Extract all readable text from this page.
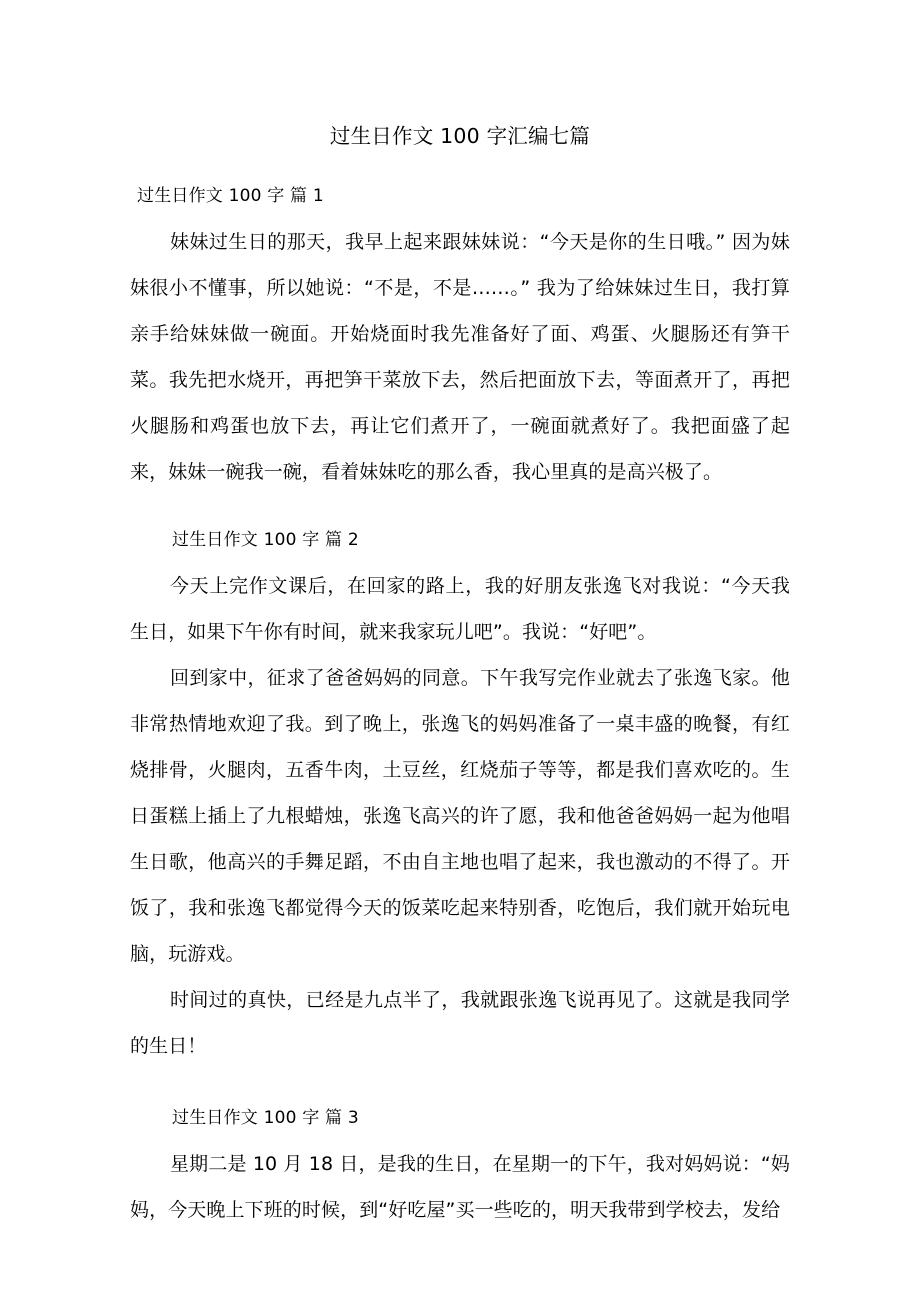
过生日作文 100 字汇编七篇
过生日作文 100 字 篇 1

妹妹过生日的那天，我早上起来跟妹妹说：“今天是你的生日哦。” 因为妹妹很小不懂事，所以她说：“不是，不是……。” 我为了给妹妹过生日，我打算亲手给妹妹做一碗面。开始烧面时我先准备好了面、鸡蛋、火腿肠还有笋干菜。我先把水烧开，再把笋干菜放下去，然后把面放下去，等面煮开了，再把火腿肠和鸡蛋也放下去，再让它们煮开了，一碗面就煮好了。我把面盛了起来，妹妹一碗我一碗，看着妹妹吃的那么香，我心里真的是高兴极了。

过生日作文 100 字 篇 2

今天上完作文课后，在回家的路上，我的好朋友张逸飞对我说：“今天我生日，如果下午你有时间，就来我家玩儿吧”。我说：“好吧”。

回到家中，征求了爸爸妈妈的同意。下午我写完作业就去了张逸飞家。他非常热情地欢迎了我。到了晚上，张逸飞的妈妈准备了一桌丰盛的晚餐，有红烧排骨，火腿肉，五香牛肉，土豆丝，红烧茄子等等，都是我们喜欢吃的。生日蛋糕上插上了九根蜡烛，张逸飞高兴的许了愿，我和他爸爸妈妈一起为他唱生日歌，他高兴的手舞足蹈，不由自主地也唱了起来，我也激动的不得了。开饭了，我和张逸飞都觉得今天的饭菜吃起来特别香，吃饱后，我们就开始玩电脑，玩游戏。

时间过的真快，已经是九点半了，我就跟张逸飞说再见了。这就是我同学的生日！

过生日作文 100 字 篇 3

星期二是 10 月 18 日，是我的生日，在星期一的下午，我对妈妈说：“妈妈，今天晚上下班的时候，到“好吃屋”买一些吃的，明天我带到学校去，发给
